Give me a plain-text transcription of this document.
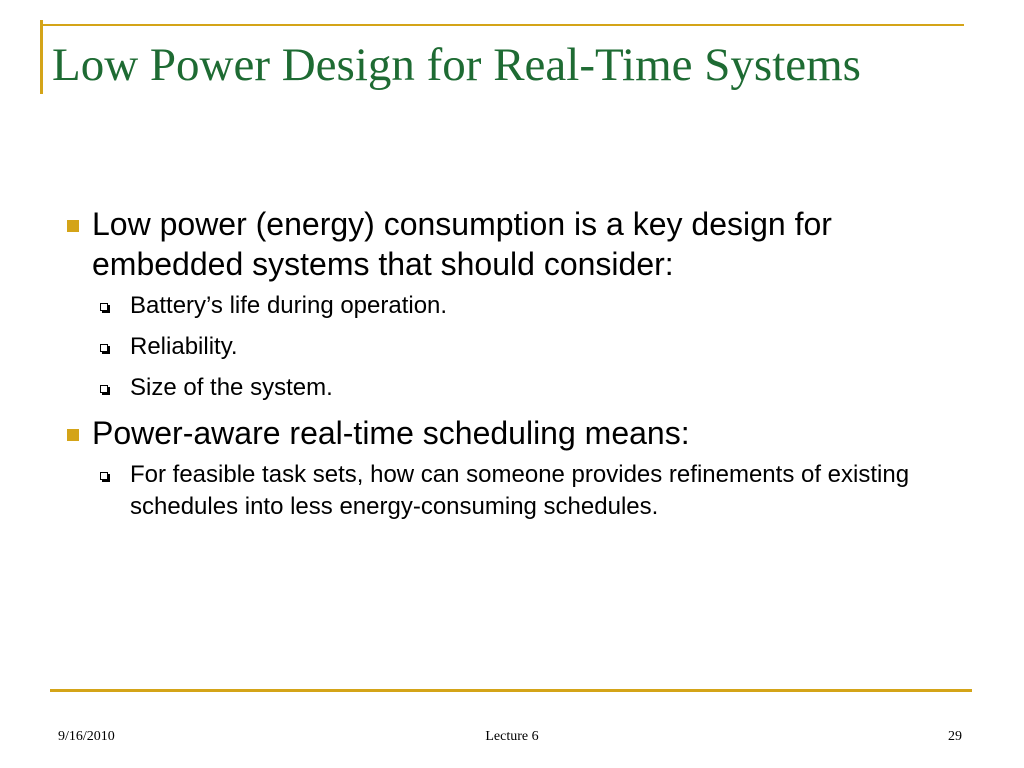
Low Power Design for Real-Time Systems
Low power (energy) consumption is a key design for embedded systems that should consider:
Battery’s life during operation.
Reliability.
Size of the system.
Power-aware real-time scheduling means:
For feasible task sets, how can someone provides refinements of existing schedules into less energy-consuming schedules.
9/16/2010	Lecture 6	29
